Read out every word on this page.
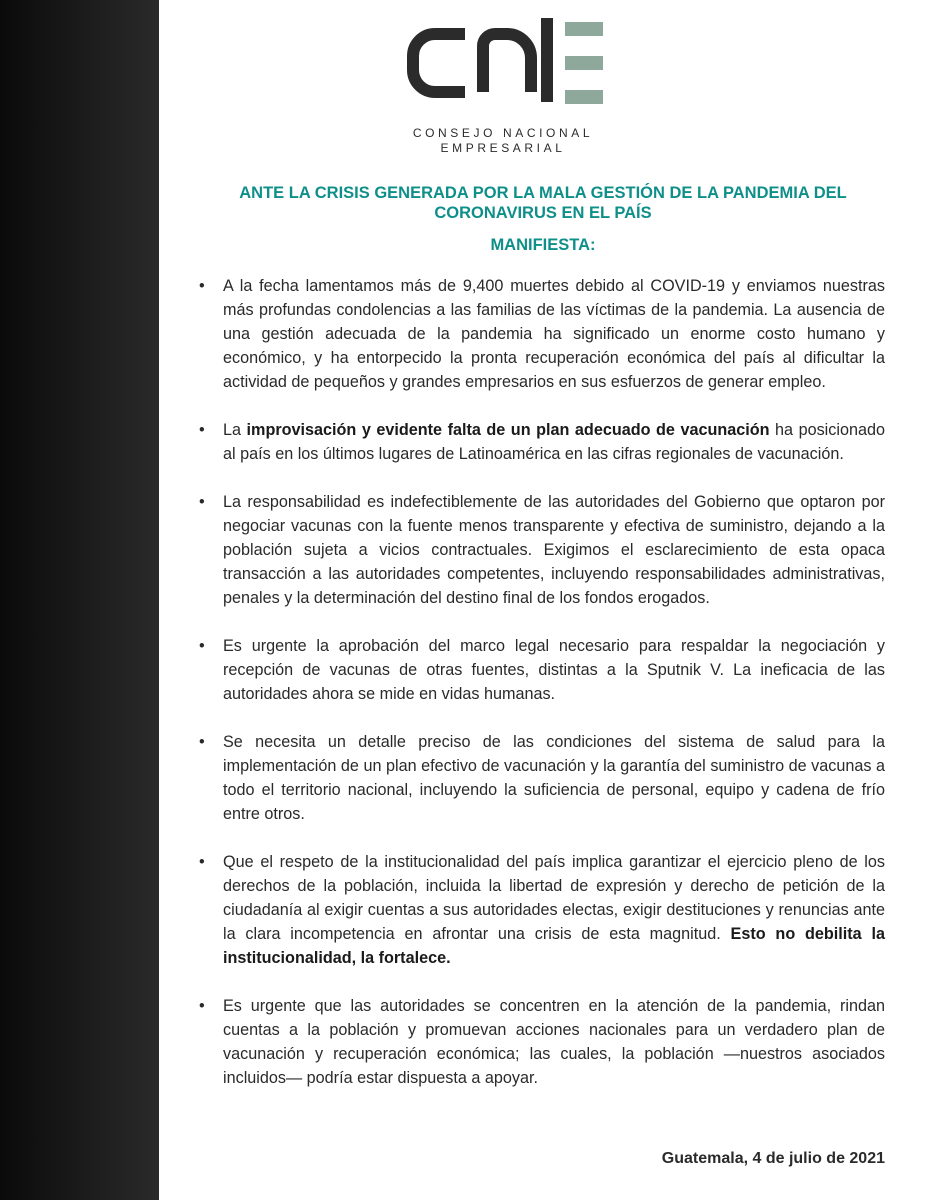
CONSEJO NACIONAL
EMPRESARIAL
ANTE LA CRISIS GENERADA POR LA MALA GESTIÓN DE LA PANDEMIA DEL CORONAVIRUS EN EL PAÍS
MANIFIESTA:
• A la fecha lamentamos más de 9,400 muertes debido al COVID-19 y enviamos nuestras más profundas condolencias a las familias de las víctimas de la pandemia. La ausencia de una gestión adecuada de la pandemia ha significado un enorme costo humano y económico, y ha entorpecido la pronta recuperación económica del país al dificultar la actividad de pequeños y grandes empresarios en sus esfuerzos de generar empleo.
• La improvisación y evidente falta de un plan adecuado de vacunación ha posicionado al país en los últimos lugares de Latinoamérica en las cifras regionales de vacunación.
• La responsabilidad es indefectiblemente de las autoridades del Gobierno que optaron por negociar vacunas con la fuente menos transparente y efectiva de suministro, dejando a la población sujeta a vicios contractuales. Exigimos el esclarecimiento de esta opaca transacción a las autoridades competentes, incluyendo responsabilidades administrativas, penales y la determinación del destino final de los fondos erogados.
• Es urgente la aprobación del marco legal necesario para respaldar la negociación y recepción de vacunas de otras fuentes, distintas a la Sputnik V. La ineficacia de las autoridades ahora se mide en vidas humanas.
• Se necesita un detalle preciso de las condiciones del sistema de salud para la implementación de un plan efectivo de vacunación y la garantía del suministro de vacunas a todo el territorio nacional, incluyendo la suficiencia de personal, equipo y cadena de frío entre otros.
• Que el respeto de la institucionalidad del país implica garantizar el ejercicio pleno de los derechos de la población, incluida la libertad de expresión y derecho de petición de la ciudadanía al exigir cuentas a sus autoridades electas, exigir destituciones y renuncias ante la clara incompetencia en afrontar una crisis de esta magnitud. Esto no debilita la institucionalidad, la fortalece.
• Es urgente que las autoridades se concentren en la atención de la pandemia, rindan cuentas a la población y promuevan acciones nacionales para un verdadero plan de vacunación y recuperación económica; las cuales, la población —nuestros asociados incluidos— podría estar dispuesta a apoyar.
Guatemala, 4 de julio de 2021
